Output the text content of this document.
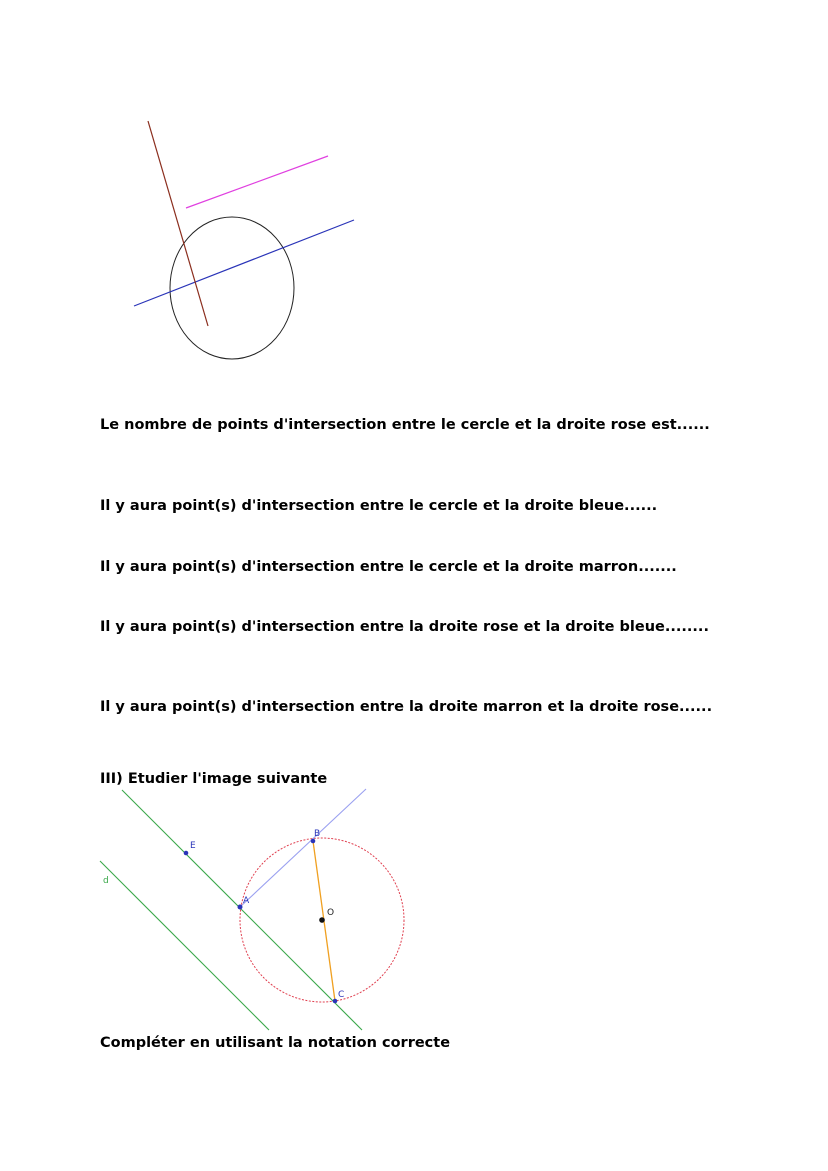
Le nombre de points d'intersection entre le cercle et la droite rose est......

Il y aura point(s) d'intersection entre le cercle et la droite bleue......

Il y aura point(s) d'intersection entre le cercle et la droite marron.......

Il y aura point(s) d'intersection entre la droite rose et la droite bleue........

Il y aura point(s) d'intersection entre la droite marron et la droite rose......

III) Etudier l'image suivante

E
B
A
O
C
d

Compléter en utilisant la notation correcte
